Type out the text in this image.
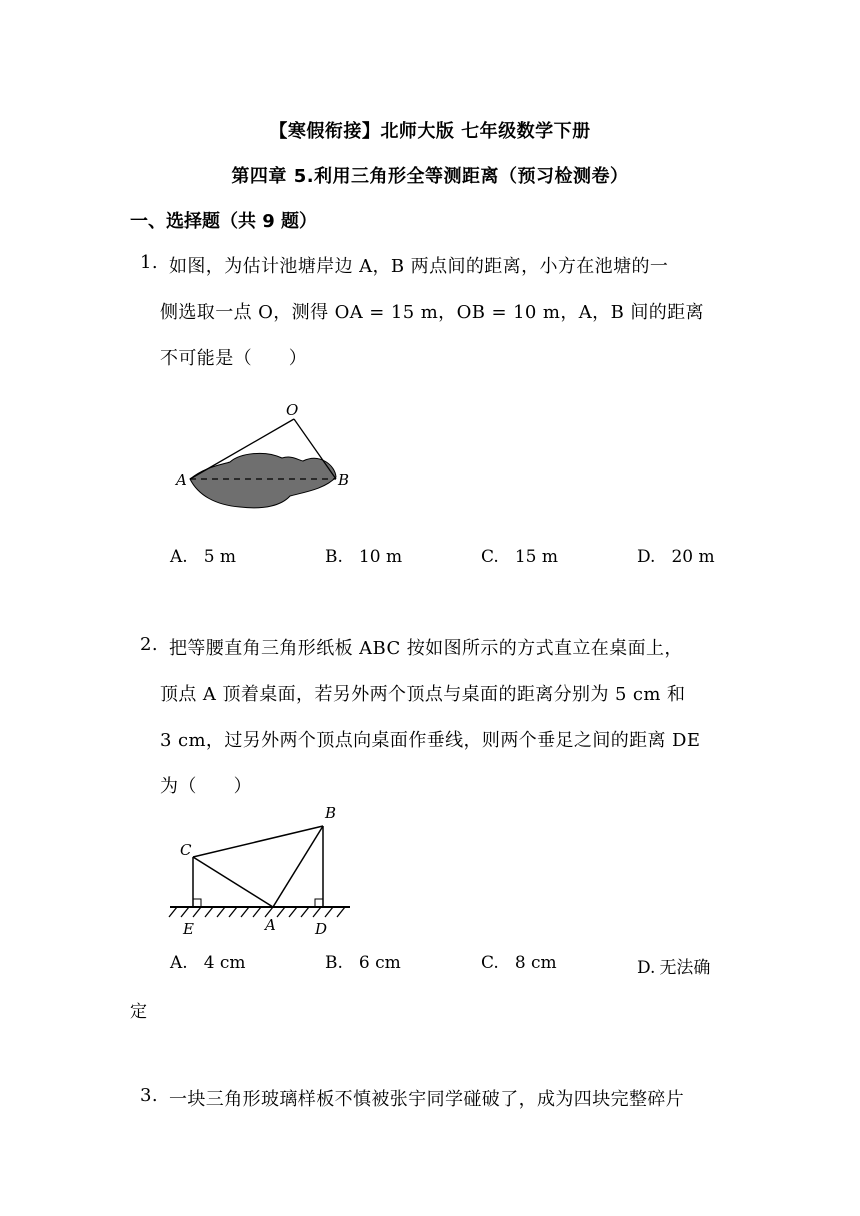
【寒假衔接】北师大版 七年级数学下册
第四章 5.利用三角形全等测距离（预习检测卷）
一、选择题（共 9 题）
1. 如图，为估计池塘岸边 A，B 两点间的距离，小方在池塘的一
侧选取一点 O，测得 OA = 15 m，OB = 10 m，A，B 间的距离
不可能是（　　）
O
A	B
A. 5 m	B. 10 m	C. 15 m	D. 20 m
2. 把等腰直角三角形纸板 ABC 按如图所示的方式直立在桌面上，
顶点 A 顶着桌面，若另外两个顶点与桌面的距离分别为 5 cm 和
3 cm，过另外两个顶点向桌面作垂线，则两个垂足之间的距离 DE
为（　　）
B
C
E	A	D
A. 4 cm	B. 6 cm	C. 8 cm	D. 无法确
定
3. 一块三角形玻璃样板不慎被张宇同学碰破了，成为四块完整碎片
